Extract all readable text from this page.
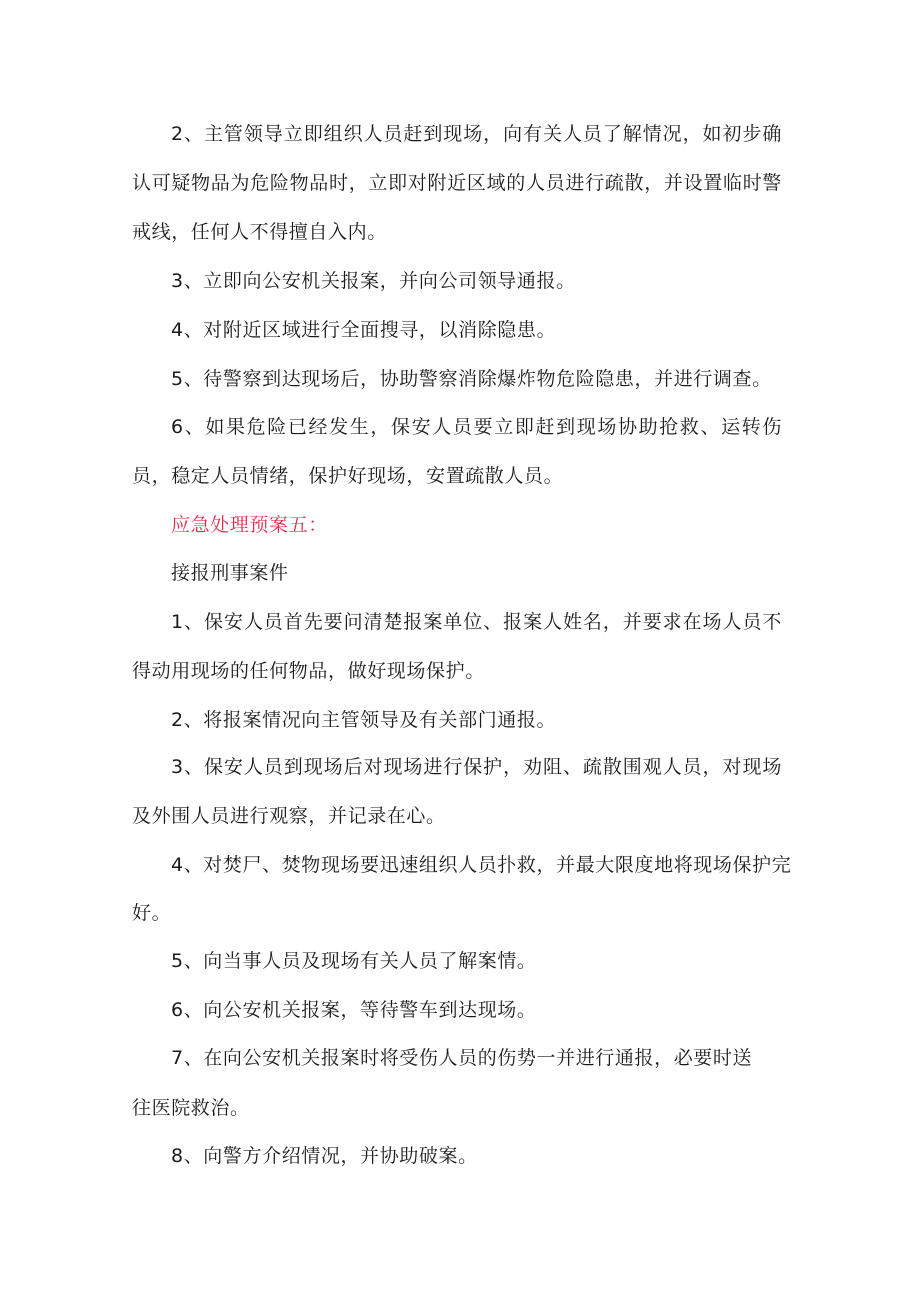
2、主管领导立即组织人员赶到现场，向有关人员了解情况，如初步确认可疑物品为危险物品时，立即对附近区域的人员进行疏散，并设置临时警戒线，任何人不得擅自入内。

3、立即向公安机关报案，并向公司领导通报。

4、对附近区域进行全面搜寻，以消除隐患。

5、待警察到达现场后，协助警察消除爆炸物危险隐患，并进行调查。

6、如果危险已经发生，保安人员要立即赶到现场协助抢救、运转伤员，稳定人员情绪，保护好现场，安置疏散人员。

应急处理预案五：

接报刑事案件

1、保安人员首先要问清楚报案单位、报案人姓名，并要求在场人员不得动用现场的任何物品，做好现场保护。

2、将报案情况向主管领导及有关部门通报。

3、保安人员到现场后对现场进行保护，劝阻、疏散围观人员，对现场及外围人员进行观察，并记录在心。

4、对焚尸、焚物现场要迅速组织人员扑救，并最大限度地将现场保护完

好。

5、向当事人员及现场有关人员了解案情。

6、向公安机关报案，等待警车到达现场。

7、在向公安机关报案时将受伤人员的伤势一并进行通报，必要时送

往医院救治。

8、向警方介绍情况，并协助破案。
